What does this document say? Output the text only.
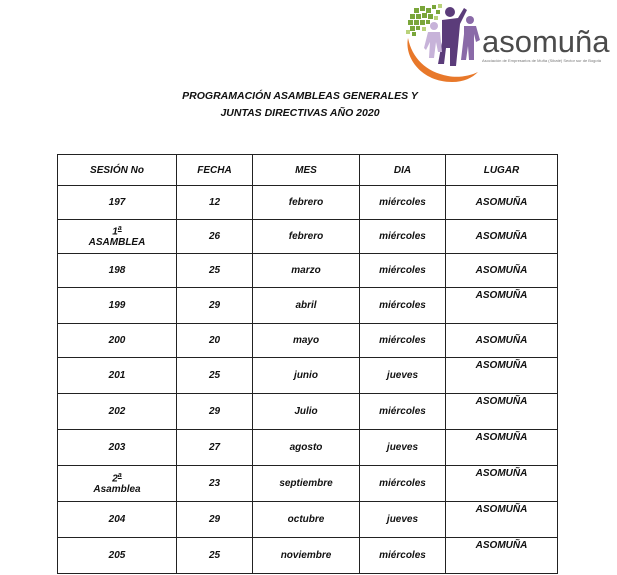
asomuña
Asociación de Empresarios de Muña (Sibaté) Sector sur de Bogotá
PROGRAMACIÓN ASAMBLEAS GENERALES Y
JUNTAS DIRECTIVAS AÑO 2020
SESIÓN No	FECHA	MES	DIA	LUGAR
197	12	febrero	miércoles	ASOMUÑA

1$^a$
ASAMBLEA	26	febrero	miércoles	ASOMUÑA
198	25	marzo	miércoles	ASOMUÑA
199	29	abril	miércoles	ASOMUÑA
200	20	mayo	miércoles	ASOMUÑA
201	25	junio	jueves	ASOMUÑA
202	29	Julio	miércoles	ASOMUÑA
203	27	agosto	jueves	ASOMUÑA

2$^a$
Asamblea	23	septiembre	miércoles	ASOMUÑA
204	29	octubre	jueves	ASOMUÑA
205	25	noviembre	miércoles	ASOMUÑA
